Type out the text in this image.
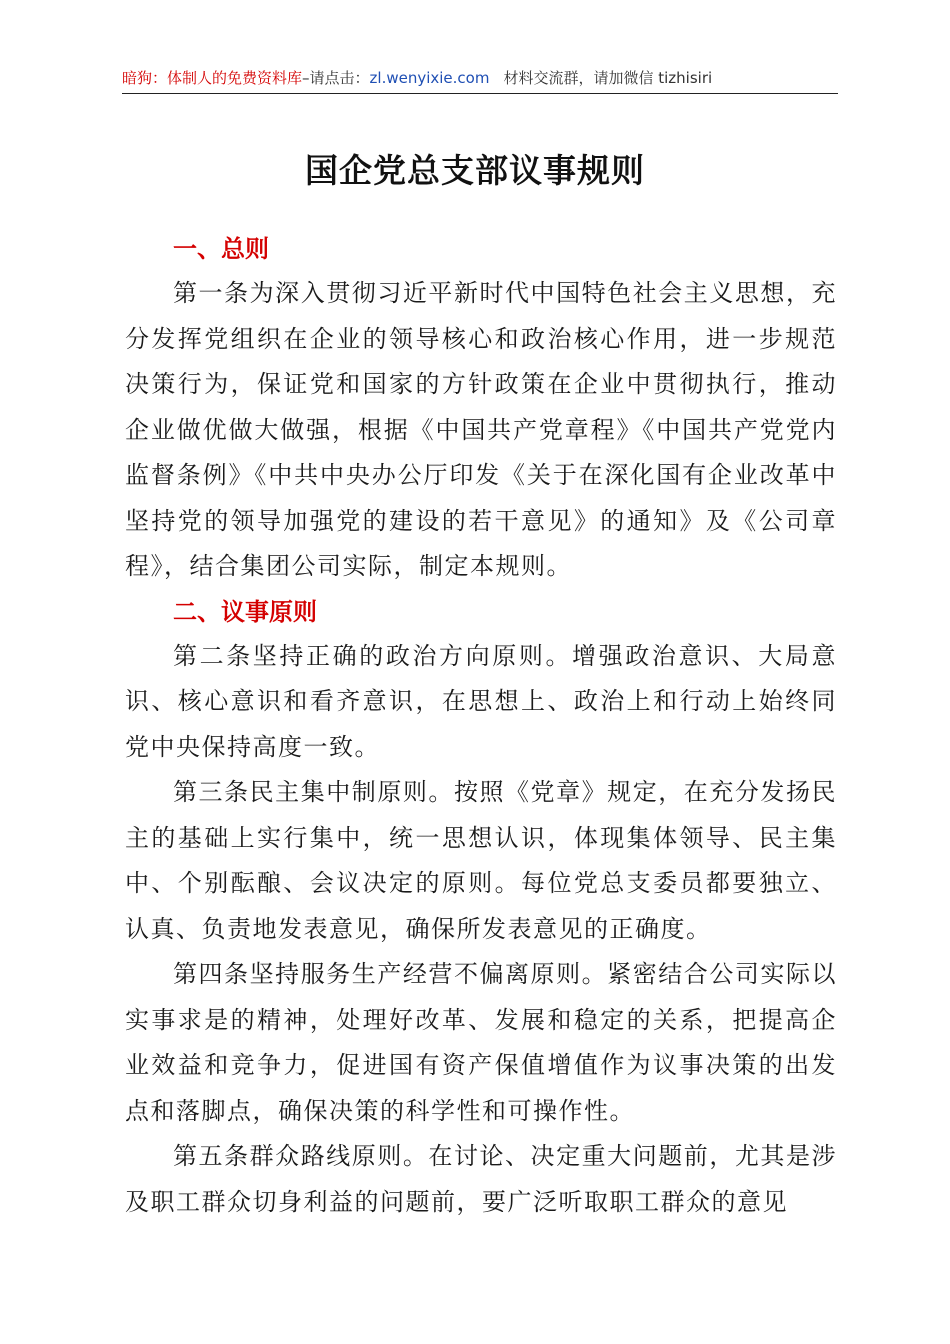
暗狗：体制人的免费资料库–请点击：zl.wenyixie.com 材料交流群，请加微信 tizhisiri
国企党总支部议事规则
一、总则

第一条为深入贯彻习近平新时代中国特色社会主义思想，充分发挥党组织在企业的领导核心和政治核心作用，进一步规范决策行为，保证党和国家的方针政策在企业中贯彻执行，推动企业做优做大做强，根据《中国共产党章程》《中国共产党党内监督条例》《中共中央办公厅印发《关于在深化国有企业改革中坚持党的领导加强党的建设的若干意见》的通知》及《公司章程》，结合集团公司实际，制定本规则。

二、议事原则

第二条坚持正确的政治方向原则。增强政治意识、大局意识、核心意识和看齐意识，在思想上、政治上和行动上始终同党中央保持高度一致。

第三条民主集中制原则。按照《党章》规定，在充分发扬民主的基础上实行集中，统一思想认识，体现集体领导、民主集中、个别酝酿、会议决定的原则。每位党总支委员都要独立、认真、负责地发表意见，确保所发表意见的正确度。

第四条坚持服务生产经营不偏离原则。紧密结合公司实际以实事求是的精神，处理好改革、发展和稳定的关系，把提高企业效益和竞争力，促进国有资产保值增值作为议事决策的出发点和落脚点，确保决策的科学性和可操作性。

第五条群众路线原则。在讨论、决定重大问题前，尤其是涉及职工群众切身利益的问题前，要广泛听取职工群众的意见
